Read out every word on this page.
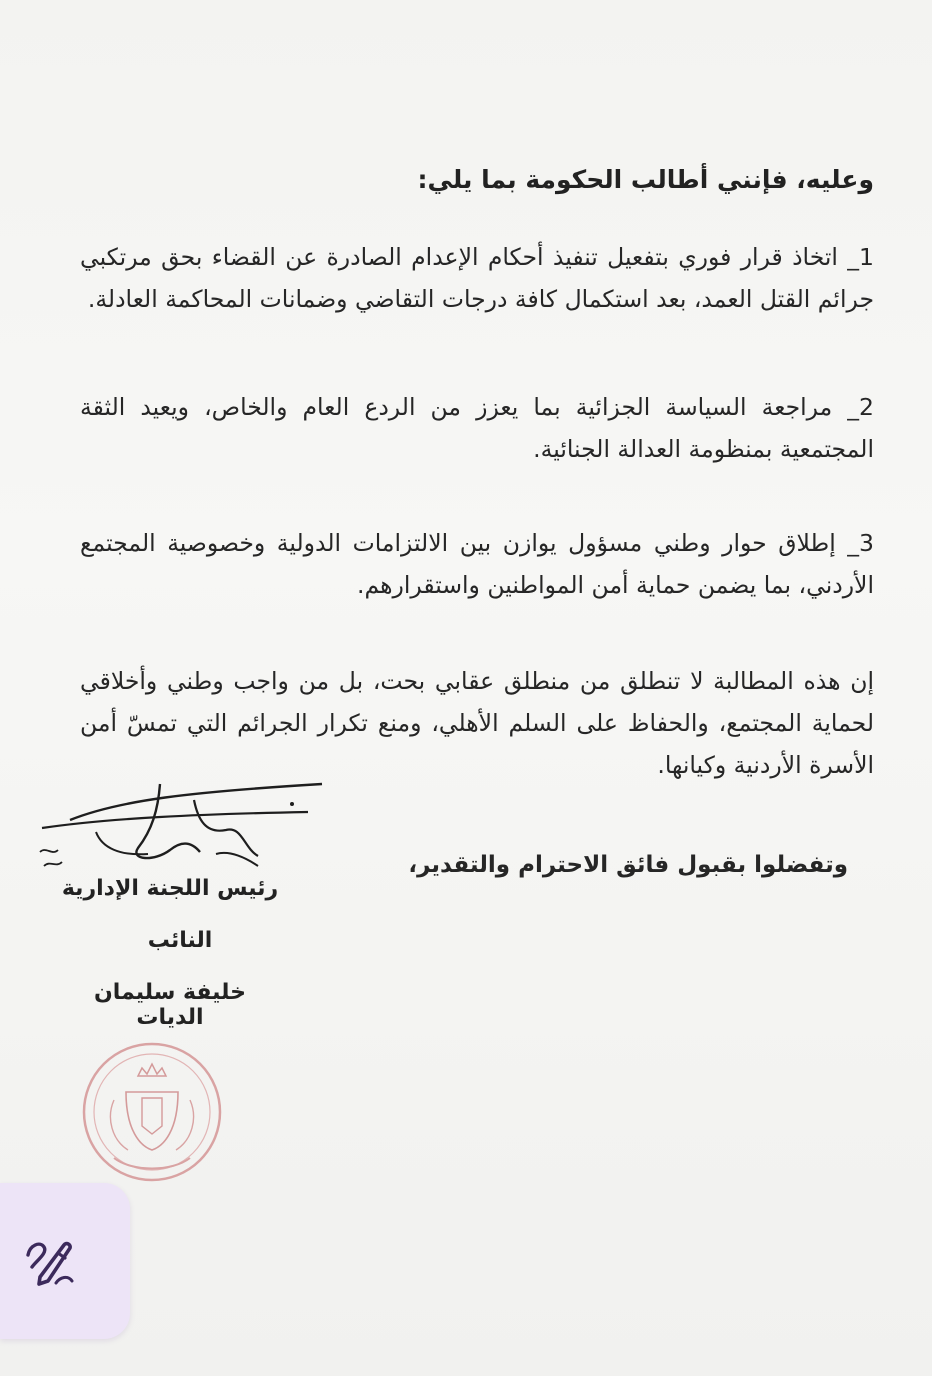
وعليه، فإنني أطالب الحكومة بما يلي:
1_ اتخاذ قرار فوري بتفعيل تنفيذ أحكام الإعدام الصادرة عن القضاء بحق مرتكبي جرائم القتل العمد، بعد استكمال كافة درجات التقاضي وضمانات المحاكمة العادلة.
2_ مراجعة السياسة الجزائية بما يعزز من الردع العام والخاص، ويعيد الثقة المجتمعية بمنظومة العدالة الجنائية.
3_ إطلاق حوار وطني مسؤول يوازن بين الالتزامات الدولية وخصوصية المجتمع الأردني، بما يضمن حماية أمن المواطنين واستقرارهم.
إن هذه المطالبة لا تنطلق من منطلق عقابي بحت، بل من واجب وطني وأخلاقي لحماية المجتمع، والحفاظ على السلم الأهلي، ومنع تكرار الجرائم التي تمسّ أمن الأسرة الأردنية وكيانها.
وتفضلوا بقبول فائق الاحترام والتقدير،
رئيس اللجنة الإدارية
النائب
خليفة سليمان الديات
